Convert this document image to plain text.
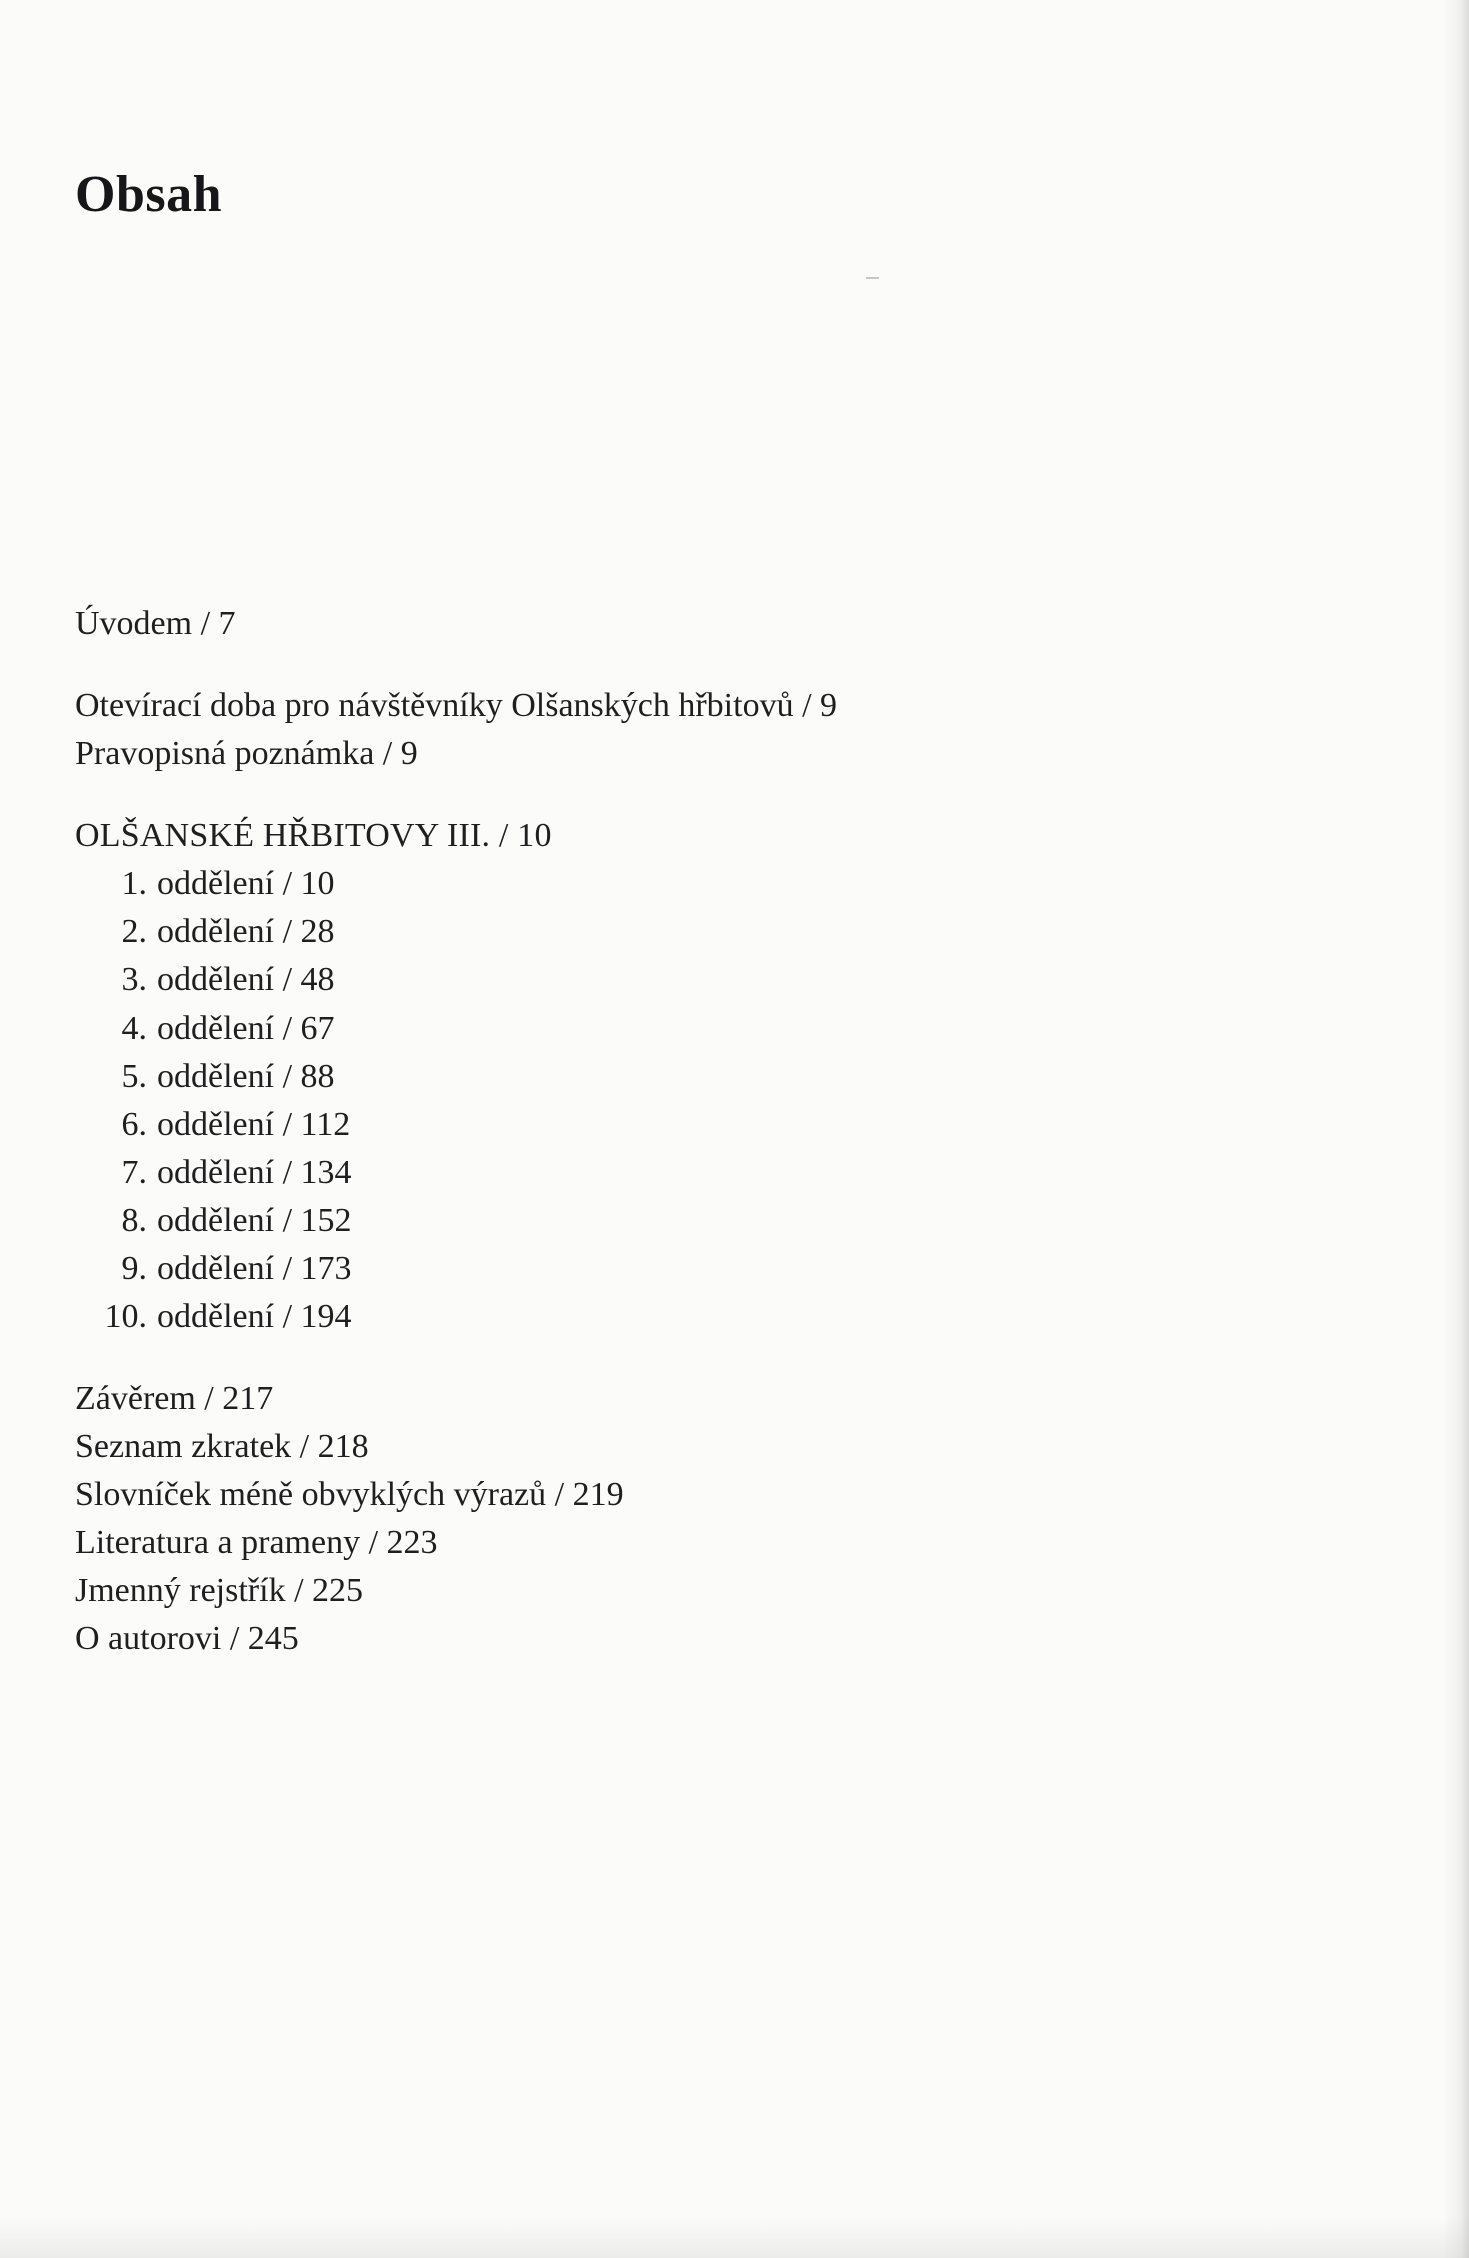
Obsah
Úvodem / 7
Otevírací doba pro návštěvníky Olšanských hřbitovů / 9
Pravopisná poznámka / 9
OLŠANSKÉ HŘBITOVY III. / 10
1. oddělení / 10
2. oddělení / 28
3. oddělení / 48
4. oddělení / 67
5. oddělení / 88
6. oddělení / 112
7. oddělení / 134
8. oddělení / 152
9. oddělení / 173
10. oddělení / 194
Závěrem / 217
Seznam zkratek / 218
Slovníček méně obvyklých výrazů / 219
Literatura a prameny / 223
Jmenný rejstřík / 225
O autorovi / 245
